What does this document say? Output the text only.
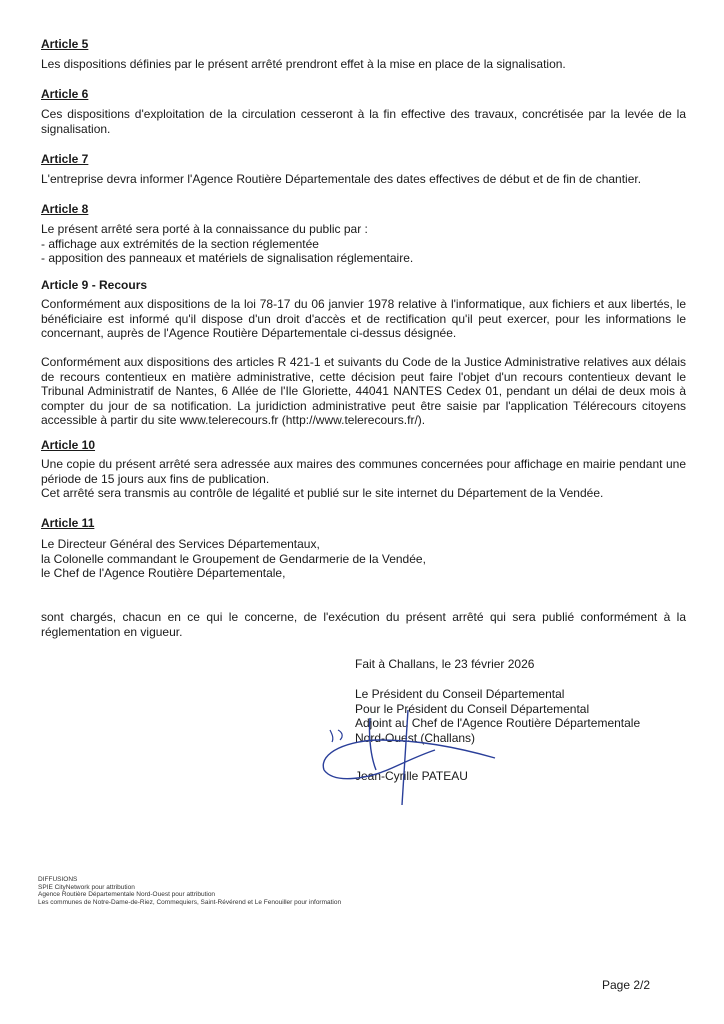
Article 5

Les dispositions définies par le présent arrêté prendront effet à la mise en place de la signalisation.

Article 6

Ces dispositions d'exploitation de la circulation cesseront à la fin effective des travaux, concrétisée par la levée de la signalisation.

Article 7

L'entreprise devra informer l'Agence Routière Départementale des dates effectives de début et de fin de chantier.

Article 8

Le présent arrêté sera porté à la connaissance du public par :
- affichage aux extrémités de la section réglementée
- apposition des panneaux et matériels de signalisation réglementaire.

Article 9 - Recours

Conformément aux dispositions de la loi 78-17 du 06 janvier 1978 relative à l'informatique, aux fichiers et aux libertés, le bénéficiaire est informé qu'il dispose d'un droit d'accès et de rectification qu'il peut exercer, pour les informations le concernant, auprès de l'Agence Routière Départementale ci-dessus désignée.

Conformément aux dispositions des articles R 421-1 et suivants du Code de la Justice Administrative relatives aux délais de recours contentieux en matière administrative, cette décision peut faire l'objet d'un recours contentieux devant le Tribunal Administratif de Nantes, 6 Allée de l'Ile Gloriette, 44041 NANTES Cedex 01, pendant un délai de deux mois à compter du jour de sa notification. La juridiction administrative peut être saisie par l'application Télérecours citoyens accessible à partir du site www.telerecours.fr (http://www.telerecours.fr/).

Article 10

Une copie du présent arrêté sera adressée aux maires des communes concernées pour affichage en mairie pendant une période de 15 jours aux fins de publication.

Cet arrêté sera transmis au contrôle de légalité et publié sur le site internet du Département de la Vendée.

Article 11

Le Directeur Général des Services Départementaux,
la Colonelle commandant le Groupement de Gendarmerie de la Vendée,
le Chef de l'Agence Routière Départementale,

sont chargés, chacun en ce qui le concerne, de l'exécution du présent arrêté qui sera publié conformément à la réglementation en vigueur.

Fait à Challans, le 23 février 2026

Le Président du Conseil Départemental
Pour le Président du Conseil Départemental
Adjoint au Chef de l'Agence Routière Départementale
Nord-Ouest (Challans)

Jean-Cyrille PATEAU

DIFFUSIONS
SPIE CityNetwork pour attribution
Agence Routière Départementale Nord-Ouest pour attribution
Les communes de Notre-Dame-de-Riez, Commequiers, Saint-Révérend et Le Fenouiller pour information
Page 2/2
